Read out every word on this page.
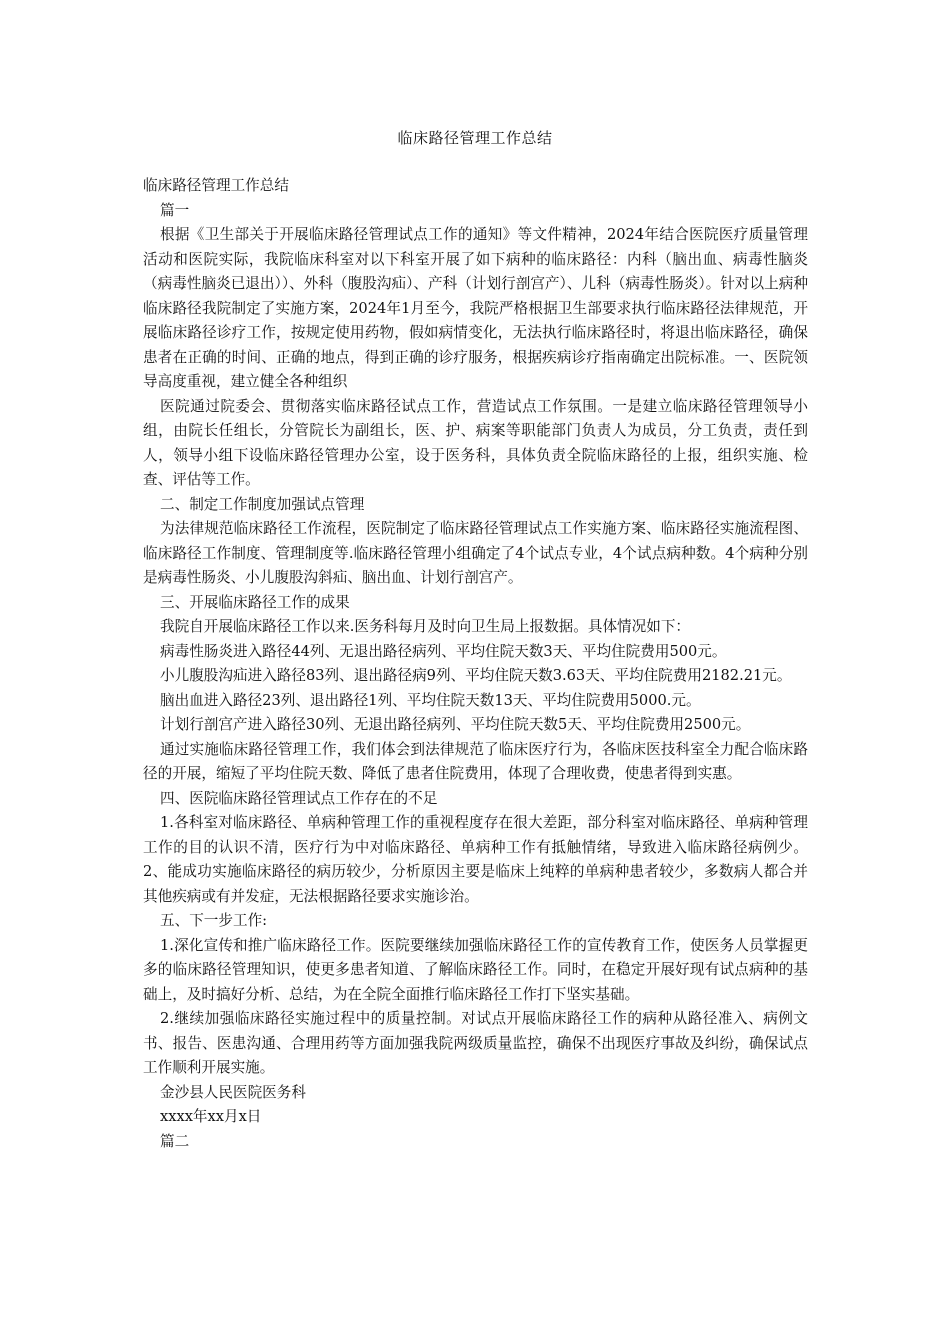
临床路径管理工作总结

临床路径管理工作总结

篇一

根据《卫生部关于开展临床路径管理试点工作的通知》等文件精神，2024年结合医院医疗质量管理活动和医院实际，我院临床科室对以下科室开展了如下病种的临床路径：内科（脑出血、病毒性脑炎（病毒性脑炎已退出））、外科（腹股沟疝）、产科（计划行剖宫产）、儿科（病毒性肠炎）。针对以上病种临床路径我院制定了实施方案，2024年1月至今，我院严格根据卫生部要求执行临床路径法律规范，开展临床路径诊疗工作，按规定使用药物，假如病情变化，无法执行临床路径时，将退出临床路径，确保患者在正确的时间、正确的地点，得到正确的诊疗服务，根据疾病诊疗指南确定出院标准。一、医院领导高度重视，建立健全各种组织

医院通过院委会、贯彻落实临床路径试点工作，营造试点工作氛围。一是建立临床路径管理领导小组，由院长任组长，分管院长为副组长，医、护、病案等职能部门负责人为成员，分工负责，责任到人，领导小组下设临床路径管理办公室，设于医务科，具体负责全院临床路径的上报，组织实施、检查、评估等工作。

二、制定工作制度加强试点管理

为法律规范临床路径工作流程，医院制定了临床路径管理试点工作实施方案、临床路径实施流程图、临床路径工作制度、管理制度等.临床路径管理小组确定了4个试点专业，4个试点病种数。4个病种分别是病毒性肠炎、小儿腹股沟斜疝、脑出血、计划行剖宫产。

三、开展临床路径工作的成果

我院自开展临床路径工作以来.医务科每月及时向卫生局上报数据。具体情况如下：

病毒性肠炎进入路径44列、无退出路径病列、平均住院天数3天、平均住院费用500元。

小儿腹股沟疝进入路径83列、退出路径病9列、平均住院天数3.63天、平均住院费用2182.21元。

脑出血进入路径23列、退出路径1列、平均住院天数13天、平均住院费用5000.元。

计划行剖宫产进入路径30列、无退出路径病列、平均住院天数5天、平均住院费用2500元。

通过实施临床路径管理工作，我们体会到法律规范了临床医疗行为，各临床医技科室全力配合临床路径的开展，缩短了平均住院天数、降低了患者住院费用，体现了合理收费，使患者得到实惠。

四、医院临床路径管理试点工作存在的不足

1.各科室对临床路径、单病种管理工作的重视程度存在很大差距，部分科室对临床路径、单病种管理工作的目的认识不清，医疗行为中对临床路径、单病种工作有抵触情绪，导致进入临床路径病例少。2、能成功实施临床路径的病历较少，分析原因主要是临床上纯粹的单病种患者较少，多数病人都合并其他疾病或有并发症，无法根据路径要求实施诊治。

五、下一步工作:

1.深化宣传和推广临床路径工作。医院要继续加强临床路径工作的宣传教育工作，使医务人员掌握更多的临床路径管理知识，使更多患者知道、了解临床路径工作。同时，在稳定开展好现有试点病种的基础上，及时搞好分析、总结，为在全院全面推行临床路径工作打下坚实基础。

2.继续加强临床路径实施过程中的质量控制。对试点开展临床路径工作的病种从路径准入、病例文书、报告、医患沟通、合理用药等方面加强我院两级质量监控，确保不出现医疗事故及纠纷，确保试点工作顺利开展实施。

金沙县人民医院医务科

xxxx年xx月x日

篇二
